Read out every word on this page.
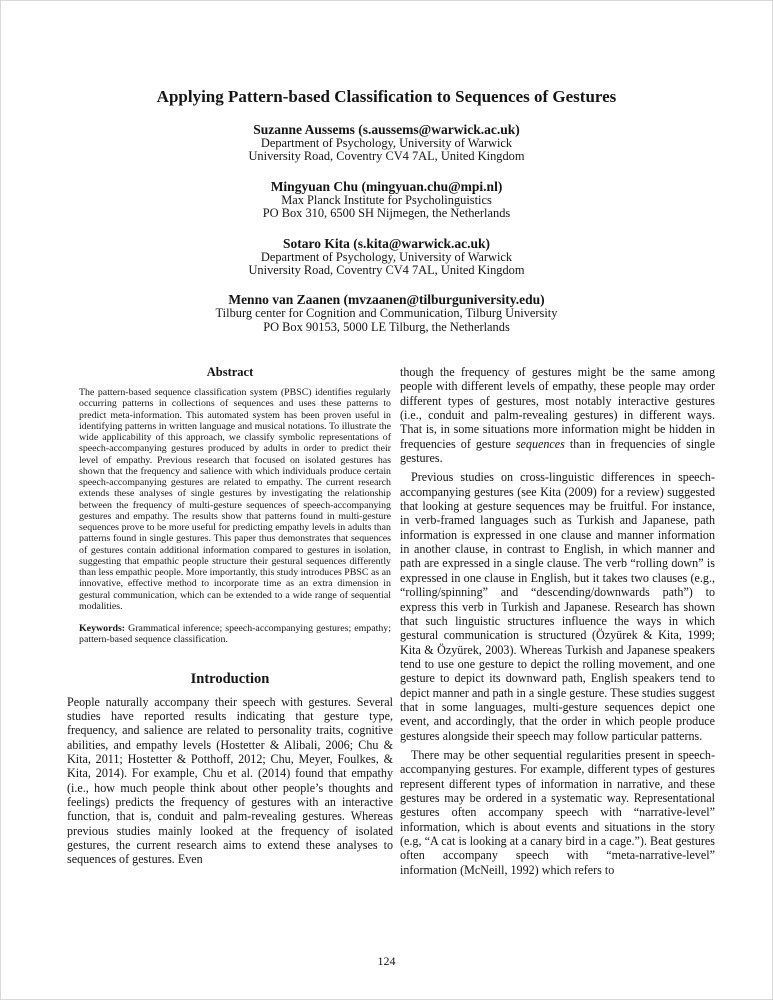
Applying Pattern-based Classification to Sequences of Gestures
Suzanne Aussems (s.aussems@warwick.ac.uk)
Department of Psychology, University of Warwick
University Road, Coventry CV4 7AL, United Kingdom
Mingyuan Chu (mingyuan.chu@mpi.nl)
Max Planck Institute for Psycholinguistics
PO Box 310, 6500 SH Nijmegen, the Netherlands
Sotaro Kita (s.kita@warwick.ac.uk)
Department of Psychology, University of Warwick
University Road, Coventry CV4 7AL, United Kingdom
Menno van Zaanen (mvzaanen@tilburguniversity.edu)
Tilburg center for Cognition and Communication, Tilburg University
PO Box 90153, 5000 LE Tilburg, the Netherlands
Abstract

The pattern-based sequence classification system (PBSC) identifies regularly occurring patterns in collections of sequences and uses these patterns to predict meta-information. This automated system has been proven useful in identifying patterns in written language and musical notations. To illustrate the wide applicability of this approach, we classify symbolic representations of speech-accompanying gestures produced by adults in order to predict their level of empathy. Previous research that focused on isolated gestures has shown that the frequency and salience with which individuals produce certain speech-accompanying gestures are related to empathy. The current research extends these analyses of single gestures by investigating the relationship between the frequency of multi-gesture sequences of speech-accompanying gestures and empathy. The results show that patterns found in multi-gesture sequences prove to be more useful for predicting empathy levels in adults than patterns found in single gestures. This paper thus demonstrates that sequences of gestures contain additional information compared to gestures in isolation, suggesting that empathic people structure their gestural sequences differently than less empathic people. More importantly, this study introduces PBSC as an innovative, effective method to incorporate time as an extra dimension in gestural communication, which can be extended to a wide range of sequential modalities.

Keywords: Grammatical inference; speech-accompanying gestures; empathy; pattern-based sequence classification.

Introduction

People naturally accompany their speech with gestures. Several studies have reported results indicating that gesture type, frequency, and salience are related to personality traits, cognitive abilities, and empathy levels (Hostetter & Alibali, 2006; Chu & Kita, 2011; Hostetter & Potthoff, 2012; Chu, Meyer, Foulkes, & Kita, 2014). For example, Chu et al. (2014) found that empathy (i.e., how much people think about other people’s thoughts and feelings) predicts the frequency of gestures with an interactive function, that is, conduit and palm-revealing gestures. Whereas previous studies mainly looked at the frequency of isolated gestures, the current research aims to extend these analyses to sequences of gestures. Even

though the frequency of gestures might be the same among people with different levels of empathy, these people may order different types of gestures, most notably interactive gestures (i.e., conduit and palm-revealing gestures) in different ways. That is, in some situations more information might be hidden in frequencies of gesture sequences than in frequencies of single gestures.

Previous studies on cross-linguistic differences in speech-accompanying gestures (see Kita (2009) for a review) suggested that looking at gesture sequences may be fruitful. For instance, in verb-framed languages such as Turkish and Japanese, path information is expressed in one clause and manner information in another clause, in contrast to English, in which manner and path are expressed in a single clause. The verb “rolling down” is expressed in one clause in English, but it takes two clauses (e.g., “rolling/spinning” and “descending/downwards path”) to express this verb in Turkish and Japanese. Research has shown that such linguistic structures influence the ways in which gestural communication is structured (Özyürek & Kita, 1999; Kita & Özyürek, 2003). Whereas Turkish and Japanese speakers tend to use one gesture to depict the rolling movement, and one gesture to depict its downward path, English speakers tend to depict manner and path in a single gesture. These studies suggest that in some languages, multi-gesture sequences depict one event, and accordingly, that the order in which people produce gestures alongside their speech may follow particular patterns.

There may be other sequential regularities present in speech-accompanying gestures. For example, different types of gestures represent different types of information in narrative, and these gestures may be ordered in a systematic way. Representational gestures often accompany speech with “narrative-level” information, which is about events and situations in the story (e.g, “A cat is looking at a canary bird in a cage.”). Beat gestures often accompany speech with “meta-narrative-level” information (McNeill, 1992) which refers to

124
